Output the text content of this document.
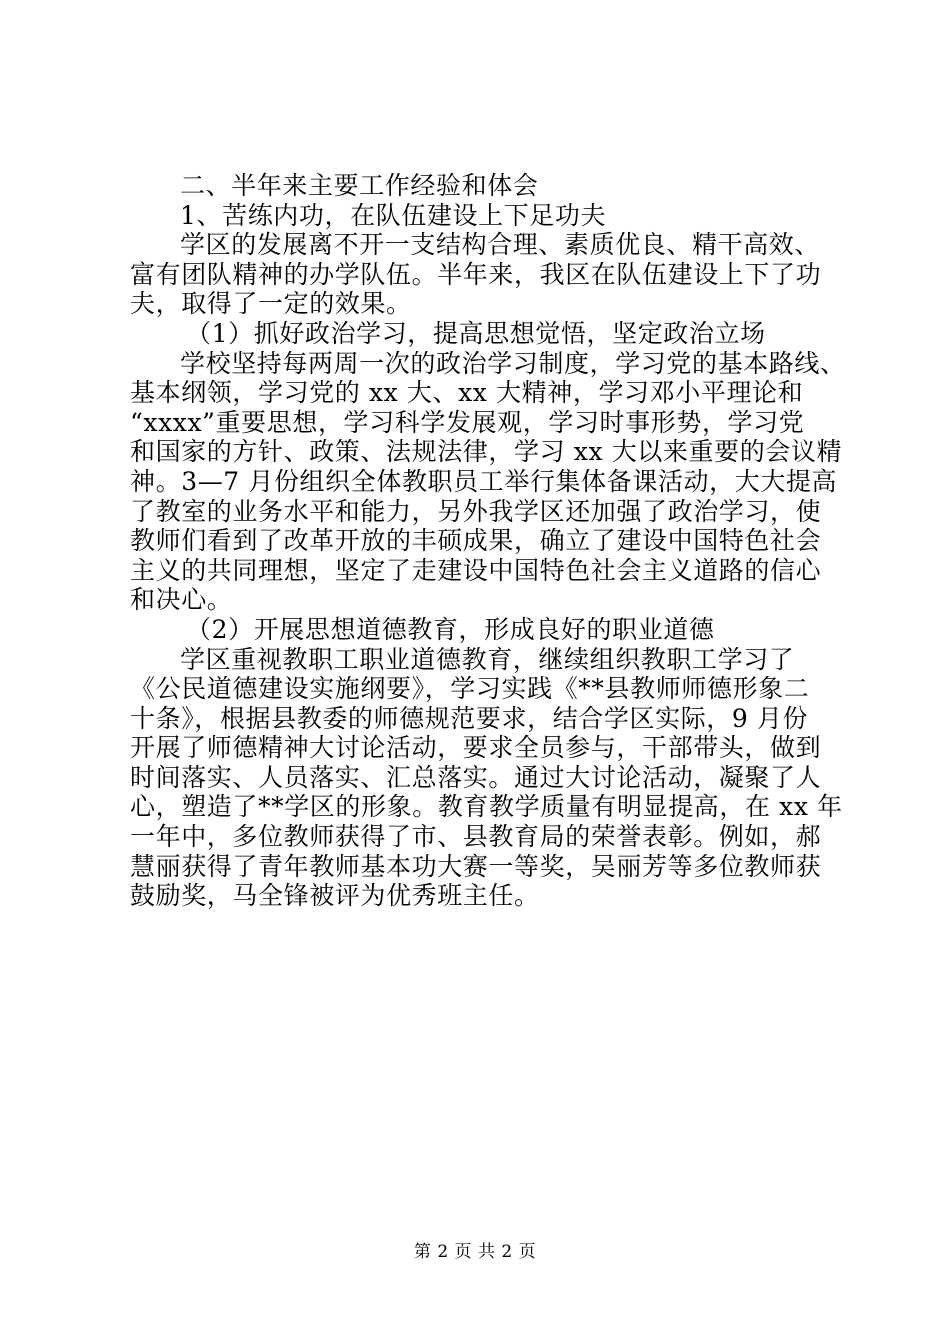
二、半年来主要工作经验和体会
1、苦练内功，在队伍建设上下足功夫
学区的发展离不开一支结构合理、素质优良、精干高效、
富有团队精神的办学队伍。半年来，我区在队伍建设上下了功
夫，取得了一定的效果。
（1）抓好政治学习，提高思想觉悟，坚定政治立场
学校坚持每两周一次的政治学习制度，学习党的基本路线、
基本纲领，学习党的 xx 大、xx 大精神，学习邓小平理论和
“xxxx”重要思想，学习科学发展观，学习时事形势，学习党
和国家的方针、政策、法规法律，学习 xx 大以来重要的会议精
神。3—7 月份组织全体教职员工举行集体备课活动，大大提高
了教室的业务水平和能力，另外我学区还加强了政治学习，使
教师们看到了改革开放的丰硕成果，确立了建设中国特色社会
主义的共同理想，坚定了走建设中国特色社会主义道路的信心
和决心。
（2）开展思想道德教育，形成良好的职业道德
学区重视教职工职业道德教育，继续组织教职工学习了
《公民道德建设实施纲要》，学习实践《**县教师师德形象二
十条》，根据县教委的师德规范要求，结合学区实际，9 月份
开展了师德精神大讨论活动，要求全员参与，干部带头，做到
时间落实、人员落实、汇总落实。通过大讨论活动，凝聚了人
心，塑造了**学区的形象。教育教学质量有明显提高，在 xx 年
一年中，多位教师获得了市、县教育局的荣誉表彰。例如，郝
慧丽获得了青年教师基本功大赛一等奖，吴丽芳等多位教师获
鼓励奖，马全锋被评为优秀班主任。
第 2 页 共 2 页
